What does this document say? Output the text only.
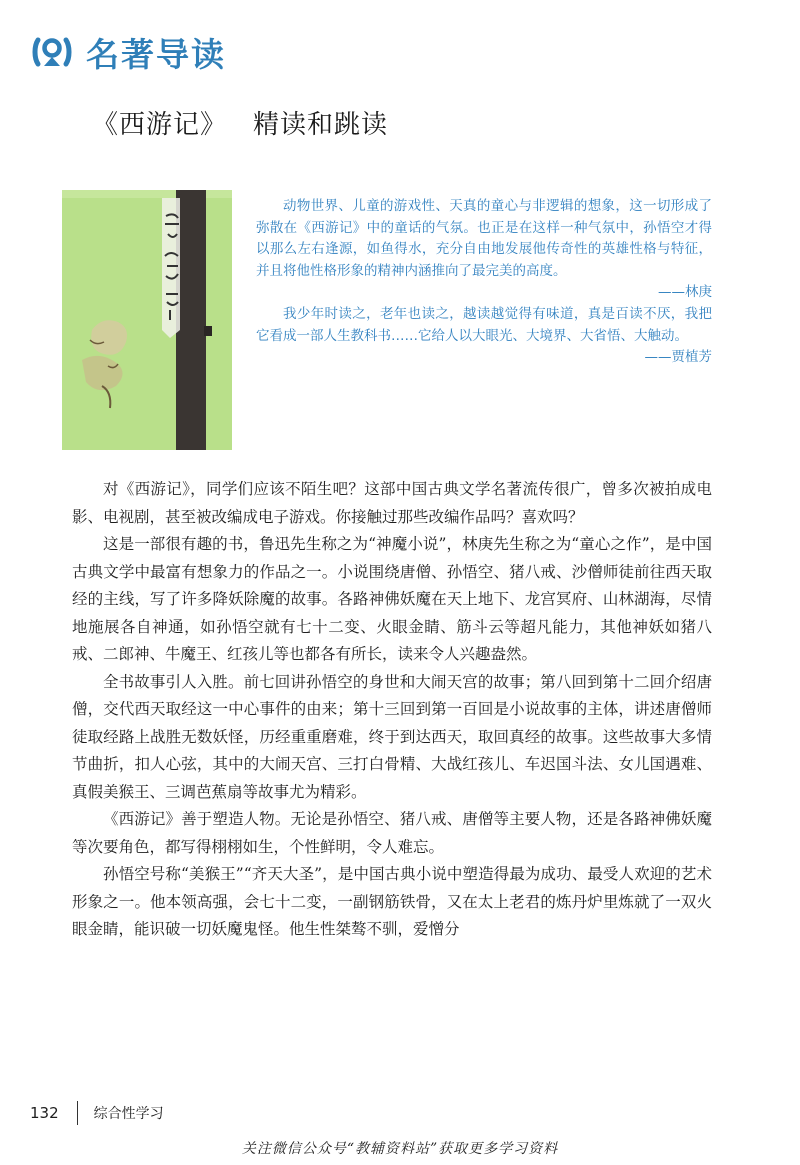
名著导读
《西游记》 精读和跳读

动物世界、儿童的游戏性、天真的童心与非逻辑的想象，这一切形成了弥散在《西游记》中的童话的气氛。也正是在这样一种气氛中，孙悟空才得以那么左右逢源，如鱼得水，充分自由地发展他传奇性的英雄性格与特征，并且将他性格形象的精神内涵推向了最完美的高度。

——林庚

我少年时读之，老年也读之，越读越觉得有味道，真是百读不厌，我把它看成一部人生教科书……它给人以大眼光、大境界、大省悟、大触动。

——贾植芳

对《西游记》，同学们应该不陌生吧？这部中国古典文学名著流传很广，曾多次被拍成电影、电视剧，甚至被改编成电子游戏。你接触过那些改编作品吗？喜欢吗？

这是一部很有趣的书，鲁迅先生称之为“神魔小说”，林庚先生称之为“童心之作”，是中国古典文学中最富有想象力的作品之一。小说围绕唐僧、孙悟空、猪八戒、沙僧师徒前往西天取经的主线，写了许多降妖除魔的故事。各路神佛妖魔在天上地下、龙宫冥府、山林湖海，尽情地施展各自神通，如孙悟空就有七十二变、火眼金睛、筋斗云等超凡能力，其他神妖如猪八戒、二郎神、牛魔王、红孩儿等也都各有所长，读来令人兴趣盎然。

全书故事引人入胜。前七回讲孙悟空的身世和大闹天宫的故事；第八回到第十二回介绍唐僧，交代西天取经这一中心事件的由来；第十三回到第一百回是小说故事的主体，讲述唐僧师徒取经路上战胜无数妖怪，历经重重磨难，终于到达西天，取回真经的故事。这些故事大多情节曲折，扣人心弦，其中的大闹天宫、三打白骨精、大战红孩儿、车迟国斗法、女儿国遇难、真假美猴王、三调芭蕉扇等故事尤为精彩。

《西游记》善于塑造人物。无论是孙悟空、猪八戒、唐僧等主要人物，还是各路神佛妖魔等次要角色，都写得栩栩如生，个性鲜明，令人难忘。

孙悟空号称“美猴王”“齐天大圣”，是中国古典小说中塑造得最为成功、最受人欢迎的艺术形象之一。他本领高强，会七十二变，一副钢筋铁骨，又在太上老君的炼丹炉里炼就了一双火眼金睛，能识破一切妖魔鬼怪。他生性桀骜不驯，爱憎分

132	综合性学习
关注微信公众号“教辅资料站”获取更多学习资料
